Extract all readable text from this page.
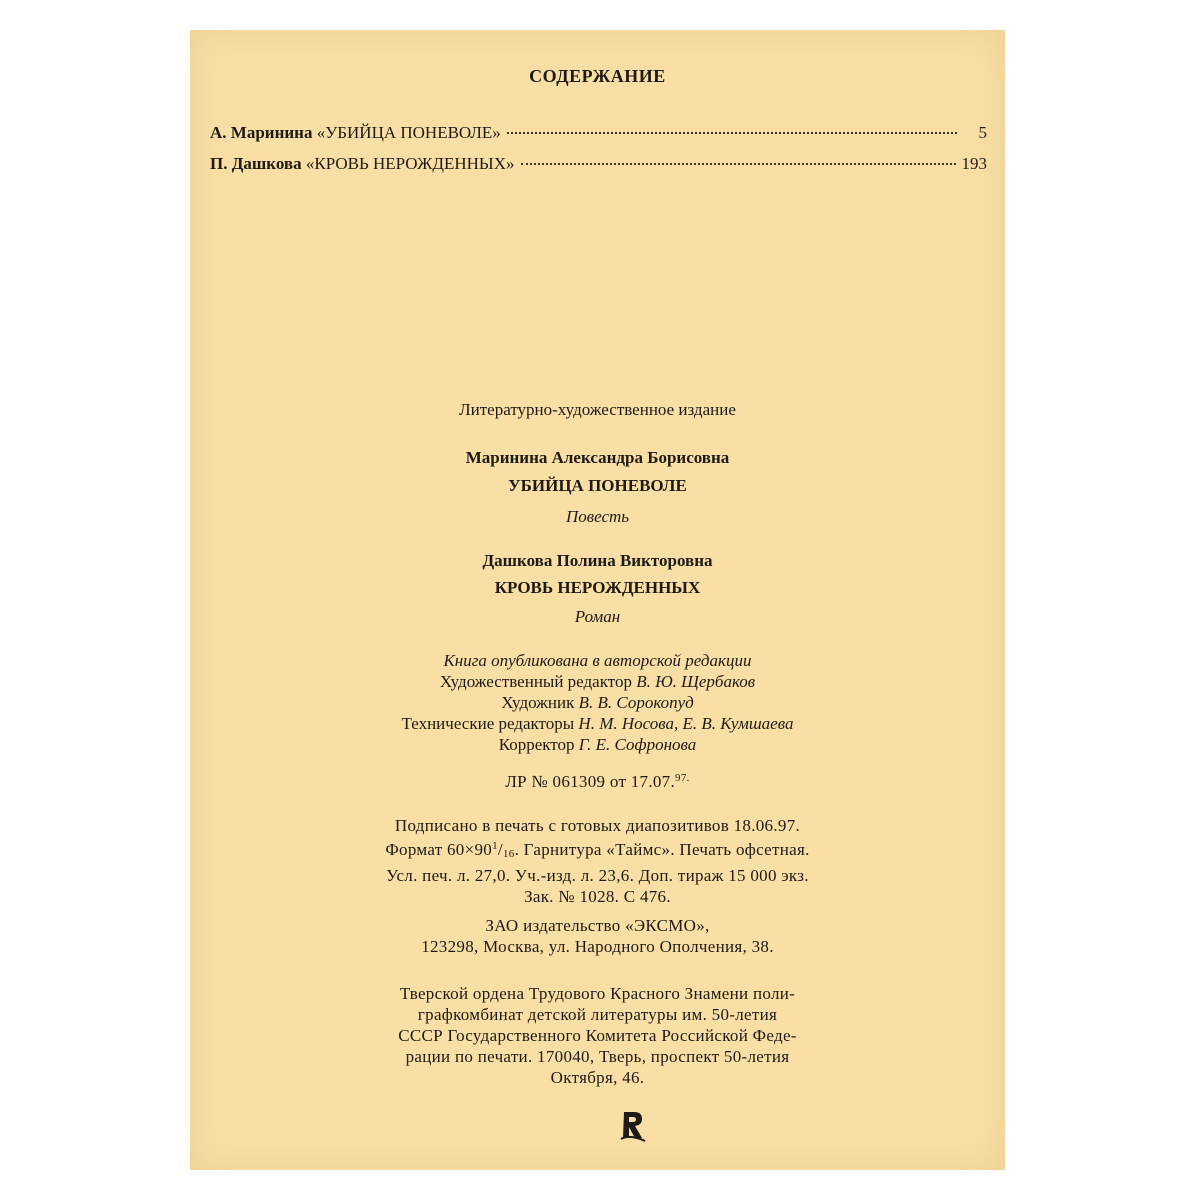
СОДЕРЖАНИЕ
А. Маринина «УБИЙЦА ПОНЕВОЛЕ»	5
П. Дашкова «КРОВЬ НЕРОЖДЕННЫХ»	193
Литературно-художественное издание
Маринина Александра Борисовна
УБИЙЦА ПОНЕВОЛЕ
Повесть
Дашкова Полина Викторовна
КРОВЬ НЕРОЖДЕННЫХ
Роман
Книга опубликована в авторской редакции
Художественный редактор В. Ю. Щербаков
Художник В. В. Сорокопуд
Технические редакторы Н. М. Носова, Е. В. Кумшаева
Корректор Г. Е. Софронова
ЛР № 061309 от 17.07.$^{97.}$
Подписано в печать с готовых диапозитивов 18.06.97.
Формат $60\times 90^1/_{16}$. Гарнитура «Таймс». Печать офсетная.
Усл. печ. л. 27,0. Уч.-изд. л. 23,6. Доп. тираж 15 000 экз.
Зак. № 1028. С 476.
ЗАО издательство «ЭКСМО»,
123298, Москва, ул. Народного Ополчения, 38.
Тверской ордена Трудового Красного Знамени поли-
графкомбинат детской литературы им. 50-летия
СССР Государственного Комитета Российской Феде-
рации по печати. 170040, Тверь, проспект 50-летия
Октября, 46.
